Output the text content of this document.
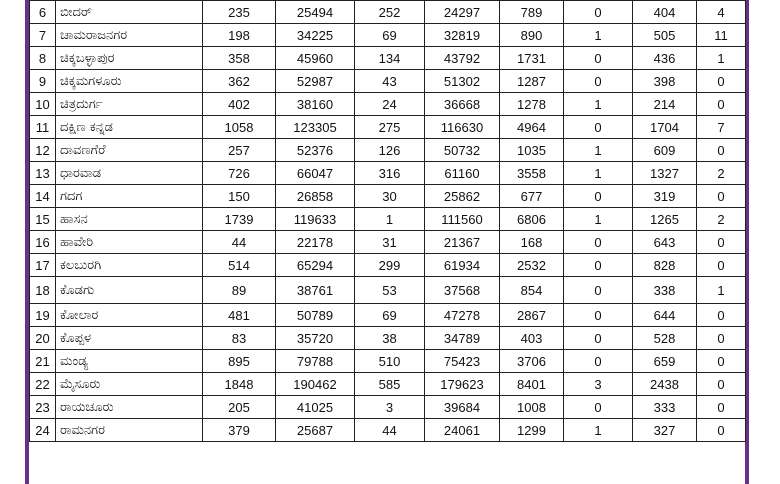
6	ಬೀದರ್	235	25494	252	24297	789	0	404	4
7	ಚಾಮರಾಜನಗರ	198	34225	69	32819	890	1	505	11
8	ಚಿಕ್ಕಬಳ್ಳಾಪುರ	358	45960	134	43792	1731	0	436	1
9	ಚಿಕ್ಕಮಗಳೂರು	362	52987	43	51302	1287	0	398	0
10	ಚಿತ್ರದುರ್ಗ	402	38160	24	36668	1278	1	214	0
11	ದಕ್ಷಿಣ ಕನ್ನಡ	1058	123305	275	116630	4964	0	1704	7
12	ದಾವಣಗೆರೆ	257	52376	126	50732	1035	1	609	0
13	ಧಾರವಾಡ	726	66047	316	61160	3558	1	1327	2
14	ಗದಗ	150	26858	30	25862	677	0	319	0
15	ಹಾಸನ	1739	119633	1	111560	6806	1	1265	2
16	ಹಾವೇರಿ	44	22178	31	21367	168	0	643	0
17	ಕಲಬುರಗಿ	514	65294	299	61934	2532	0	828	0
18	ಕೊಡಗು	89	38761	53	37568	854	0	338	1
19	ಕೋಲಾರ	481	50789	69	47278	2867	0	644	0
20	ಕೊಪ್ಪಳ	83	35720	38	34789	403	0	528	0
21	ಮಂಡ್ಯ	895	79788	510	75423	3706	0	659	0
22	ಮೈಸೂರು	1848	190462	585	179623	8401	3	2438	0
23	ರಾಯಚೂರು	205	41025	3	39684	1008	0	333	0
24	ರಾಮನಗರ	379	25687	44	24061	1299	1	327	0
